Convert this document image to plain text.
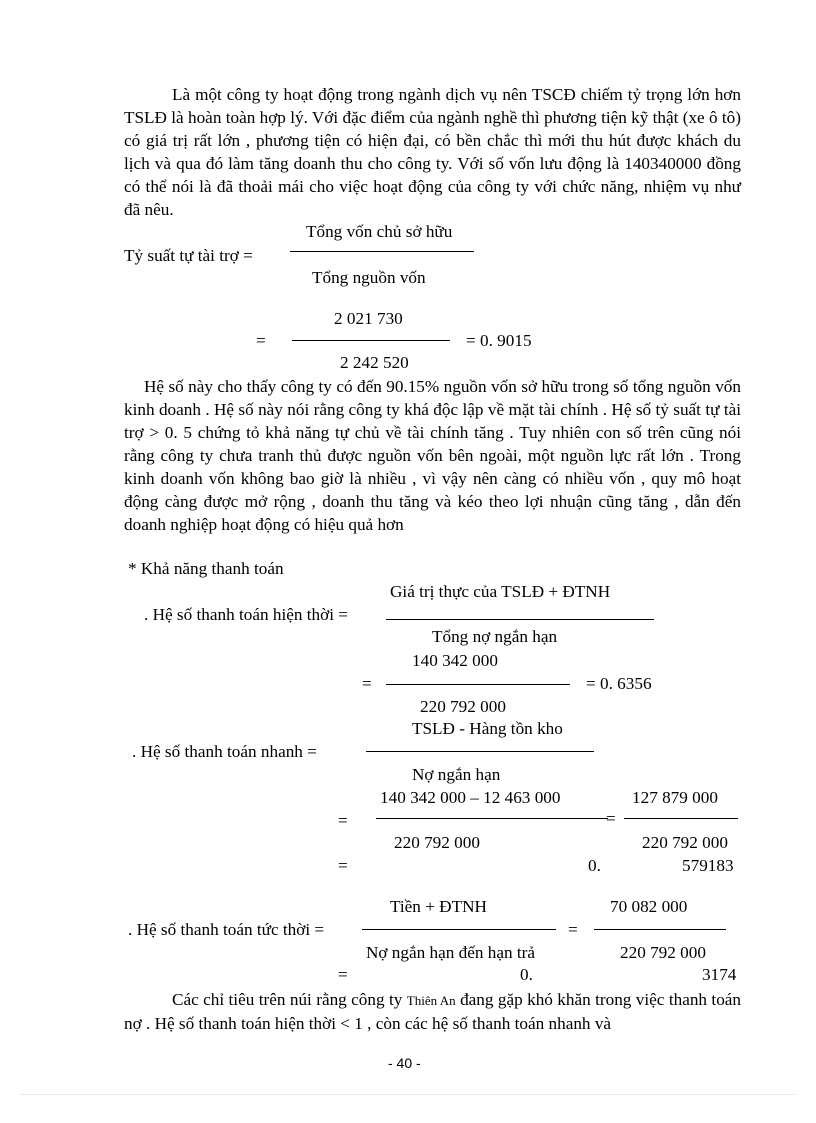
Là một công ty hoạt động trong ngành dịch vụ nên TSCĐ chiếm tỷ trọng lớn hơn TSLĐ là hoàn toàn hợp lý. Với đặc điểm của ngành nghề thì phương tiện kỹ thật (xe ô tô) có giá trị rất lớn , phương tiện có hiện đại, có bền chắc thì mới thu hút được khách du lịch và qua đó làm tăng doanh thu cho công ty. Với số vốn lưu động là 140340000 đồng có thể nói là đã thoải mái cho việc hoạt động của công ty với chức năng, nhiệm vụ như đã nêu.

Tỷ suất tự tài trợ =
Tổng vốn chủ sở hữu
Tổng nguồn vốn
=
2 021 730
2 242 520
= 0. 9015

Hệ số này cho thấy công ty có đến 90.15% nguồn vốn sở hữu trong số tổng nguồn vốn kinh doanh . Hệ số này nói rằng công ty khá độc lập về mặt tài chính . Hệ số tỷ suất tự tài trợ > 0. 5 chứng tỏ khả năng tự chủ về tài chính tăng . Tuy nhiên con số trên cũng nói rằng công ty chưa tranh thủ được nguồn vốn bên ngoài, một nguồn lực rất lớn . Trong kinh doanh vốn không bao giờ là nhiều , vì vậy nên càng có nhiều vốn , quy mô hoạt động càng được mở rộng , doanh thu tăng và kéo theo lợi nhuận cũng tăng , dẫn đến doanh nghiệp hoạt động có hiệu quả hơn

* Khả năng thanh toán
Giá trị thực của TSLĐ + ĐTNH
. Hệ số thanh toán hiện thời =
Tổng nợ ngắn hạn
140 342 000
=	= 0. 6356
220 792 000
TSLĐ - Hàng tồn kho
. Hệ số thanh toán nhanh =
Nợ ngắn hạn
140 342 000 – 12 463 000	127 879 000
=	=
220 792 000	220 792 000
=	0.	579183
Tiền + ĐTNH	70 082 000
. Hệ số thanh toán tức thời =	=
Nợ ngắn hạn đến hạn trả	220 792 000
=	0.	3174

Các chỉ tiêu trên núi rằng công ty Thiên An đang gặp khó khăn trong việc thanh toán nợ . Hệ số thanh toán hiện thời < 1 , còn các hệ số thanh toán nhanh và

- 40 -
